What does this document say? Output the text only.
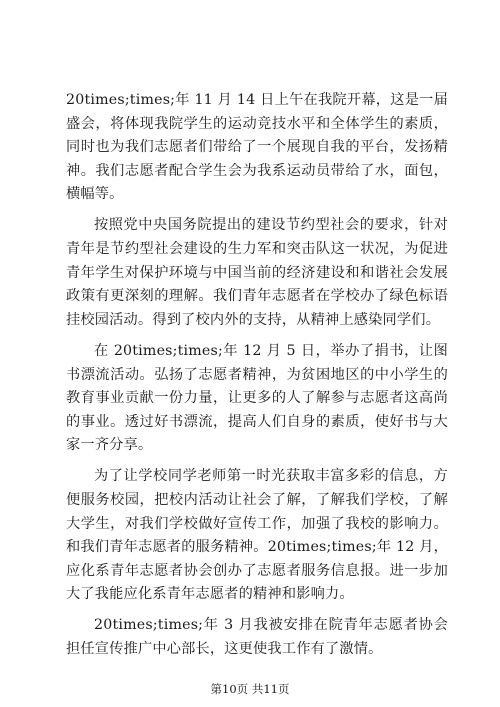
20times;times;年 11 月 14 日上午在我院开幕，这是一届盛会，将体现我院学生的运动竞技水平和全体学生的素质，同时也为我们志愿者们带给了一个展现自我的平台，发扬精神。我们志愿者配合学生会为我系运动员带给了水，面包，横幅等。

按照党中央国务院提出的建设节约型社会的要求，针对青年是节约型社会建设的生力军和突击队这一状况，为促进青年学生对保护环境与中国当前的经济建设和和谐社会发展政策有更深刻的理解。我们青年志愿者在学校办了绿色标语挂校园活动。得到了校内外的支持，从精神上感染同学们。

在 20times;times;年 12 月 5 日，举办了捐书，让图书漂流活动。弘扬了志愿者精神，为贫困地区的中小学生的教育事业贡献一份力量，让更多的人了解参与志愿者这高尚的事业。透过好书漂流，提高人们自身的素质，使好书与大家一齐分享。

为了让学校同学老师第一时光获取丰富多彩的信息，方便服务校园，把校内活动让社会了解，了解我们学校，了解大学生，对我们学校做好宣传工作，加强了我校的影响力。和我们青年志愿者的服务精神。20times;times;年 12 月，应化系青年志愿者协会创办了志愿者服务信息报。进一步加大了我能应化系青年志愿者的精神和影响力。

20times;times;年 3 月我被安排在院青年志愿者协会担任宣传推广中心部长，这更使我工作有了激情。

第10页 共11页
